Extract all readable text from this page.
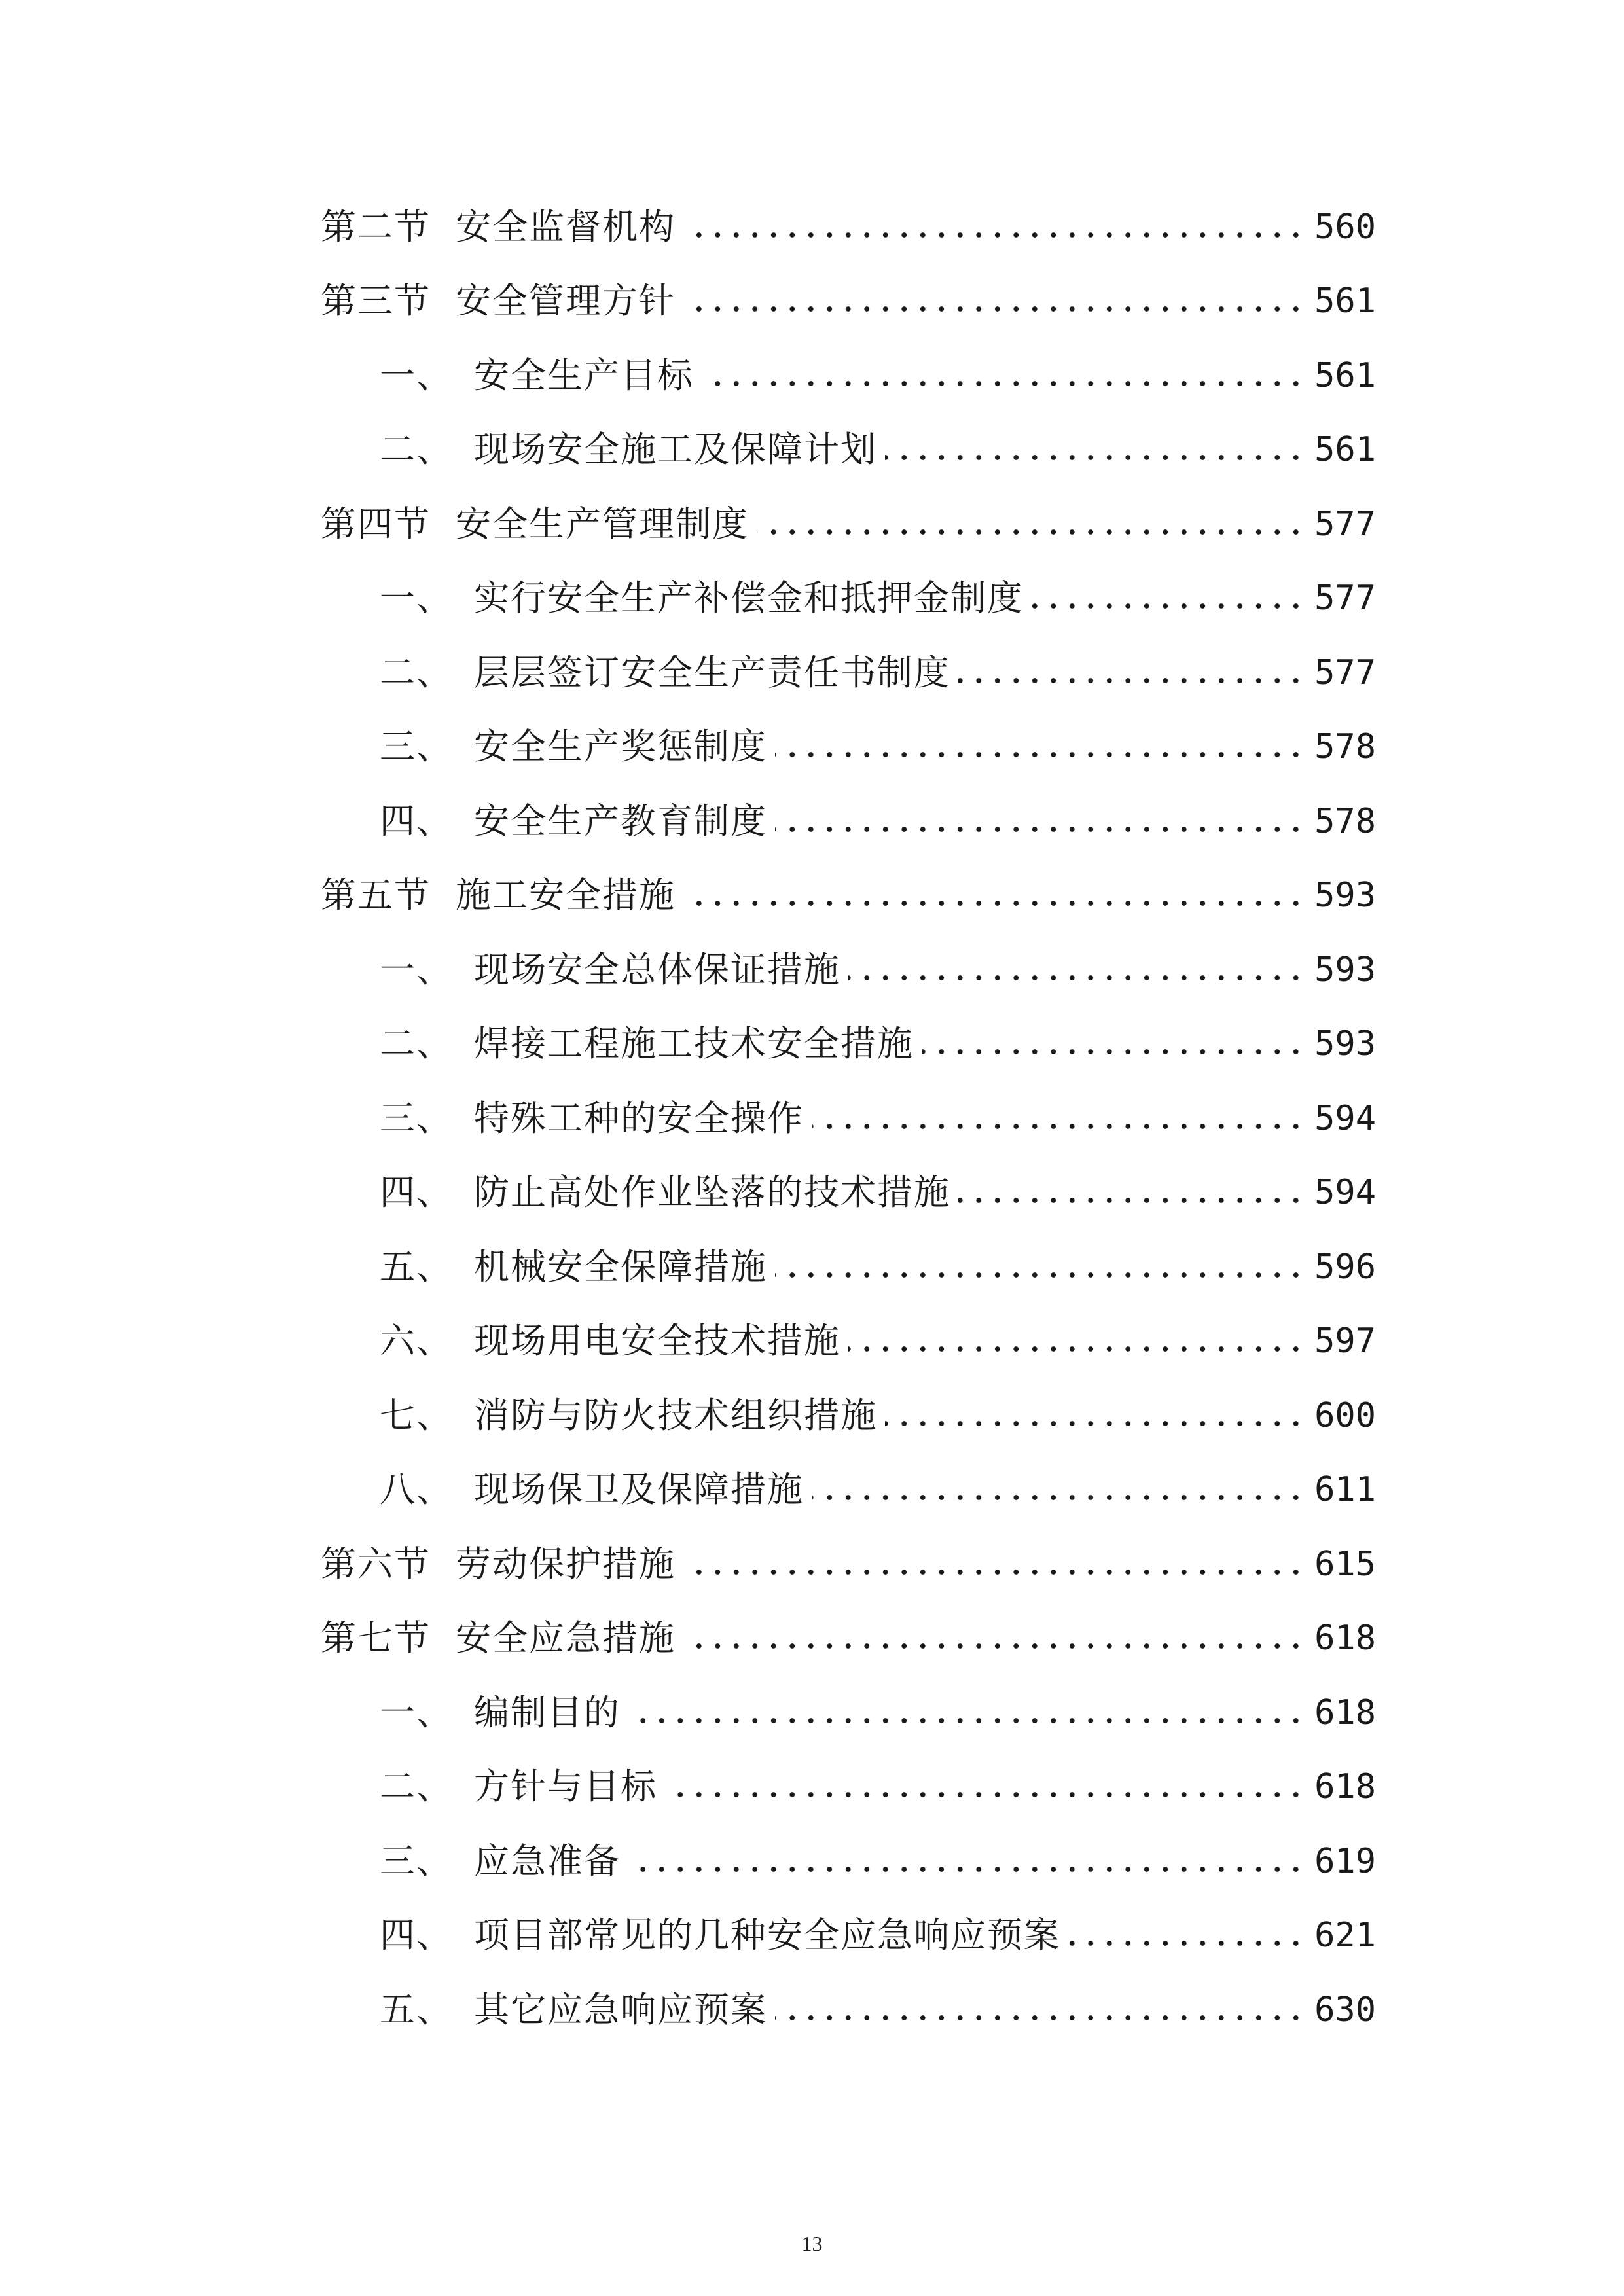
第二节 安全监督机构	560
第三节 安全管理方针	561
一、 安全生产目标	561
二、 现场安全施工及保障计划	561
第四节 安全生产管理制度	577
一、 实行安全生产补偿金和抵押金制度	577
二、 层层签订安全生产责任书制度	577
三、 安全生产奖惩制度	578
四、 安全生产教育制度	578
第五节 施工安全措施	593
一、 现场安全总体保证措施	593
二、 焊接工程施工技术安全措施	593
三、 特殊工种的安全操作	594
四、 防止高处作业坠落的技术措施	594
五、 机械安全保障措施	596
六、 现场用电安全技术措施	597
七、 消防与防火技术组织措施	600
八、 现场保卫及保障措施	611
第六节 劳动保护措施	615
第七节 安全应急措施	618
一、 编制目的	618
二、 方针与目标	618
三、 应急准备	619
四、 项目部常见的几种安全应急响应预案	621
五、 其它应急响应预案	630
13
